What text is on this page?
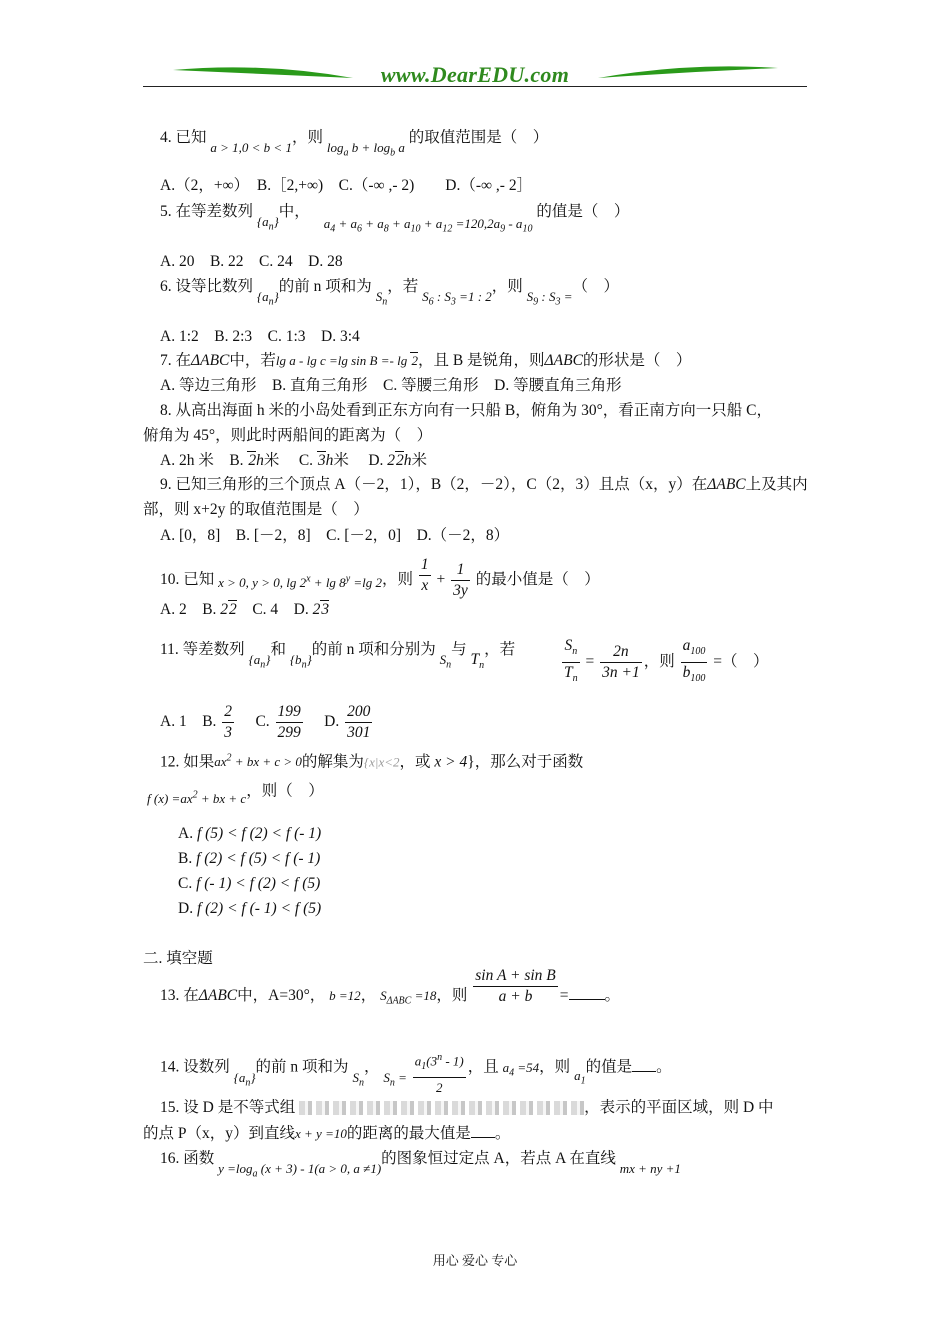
www.DearEDU.com
4. 已知 $_{a > 1,0 < b < 1}$，则 $_{log_a b + log_b a}$ 的取值范围是（　）
A.（2，+∞）　B.［2,+∞)　C.（-∞ ,- 2)　　D.（-∞ ,- 2］
5. 在等差数列 $_{\{a_n\}}$中， $_{a_4 + a_6 + a_8 + a_{10} + a_{12} =120,2a_9 - a_{10}}$ 的值是（　）
A. 20　B. 22　C. 24　D. 28
6. 设等比数列 $_{\{a_n\}}$的前 n 项和为 $_{S_n}$，若 $_{S_6 : S_3 =1 : 2}$，则 $_{S_9 : S_3 =}$（　）
A. 1:2　B. 2:3　C. 1:3　D. 3:4
7. 在ΔABC中，若lg a - lg c =lg sin B =- lg 2，且 B 是锐角，则ΔABC的形状是（　）
A. 等边三角形　B. 直角三角形　C. 等腰三角形　D. 等腰直角三角形
8. 从高出海面 h 米的小岛处看到正东方向有一只船 B，俯角为 30°，看正南方向一只船 C，
俯角为 45°，则此时两船间的距离为（　）
A. 2h 米　B. 2h米　 C. 3h米　 D. 22h米
9. 已知三角形的三个顶点 A（－2，1），B（2，－2），C（2，3）且点（x，y）在ΔABC上及其内
部，则 x+2y 的取值范围是（　）
A. [0，8]　B. [－2，8]　C. [－2，0]　D.（－2，8）
10. 已知 x > 0, y > 0, $\lg 2^x + \lg 8^y =\lg$ 2，则 $\frac{1}{x} + \frac{1}{3y}$ 的最小值是（　）
A. 2　B. 22　 C. 4　D. 23
11. 等差数列 $_{\{a_n\}}$和 $_{\{b_n\}}$的前 n 项和分别为 $_{S_n}$与 $T_n$，若	$\frac{S_n}{T_n} = \frac{2n}{3n +1}$ ，则 $\frac{a_{100}}{b_{100}}$ =（　）
A. 1　B. $\frac{2}{3}$
　 C. $\frac{199}{299}$
　 D. $\frac{200}{301}$
12. 如果$ax^2$ + bx + c > 0的解集为{x|x<2，或 x > 4}，那么对于函数
$_{f (x) =ax^2 + bx + c}$，则（　）
A. f (5) < f (2) < f (- 1)
B. f (2) < f (5) < f (- 1)
C. f (- 1) < f (2) < f (5)
D. f (2) < f (- 1) < f (5)
二. 填空题
13. 在ΔABC中，A=30°， b =12， $S_{\Delta ABC} =18$，则 $\frac{\text{sin A + sin B}}{a + b}$ = 。
14. 设数列 $_{\{a_n\}}$的前 n 项和为 $_{S_n}$， $_{S_n =} \frac{a_1(3^n - 1)}{2}$ ，且 $a_4 =54$，则 $_{a_1}$的值是 。
15. 设 D 是不等式组	，表示的平面区域，则 D 中
的点 P（x，y）到直线x + y =10的距离的最大值是 。
16. 函数 $_{y =log_a (x + 3) - 1(a > 0, a \ne 1)}$的图象恒过定点 A，若点 A 在直线 $_{mx + ny +1}$
用心 爱心 专心
